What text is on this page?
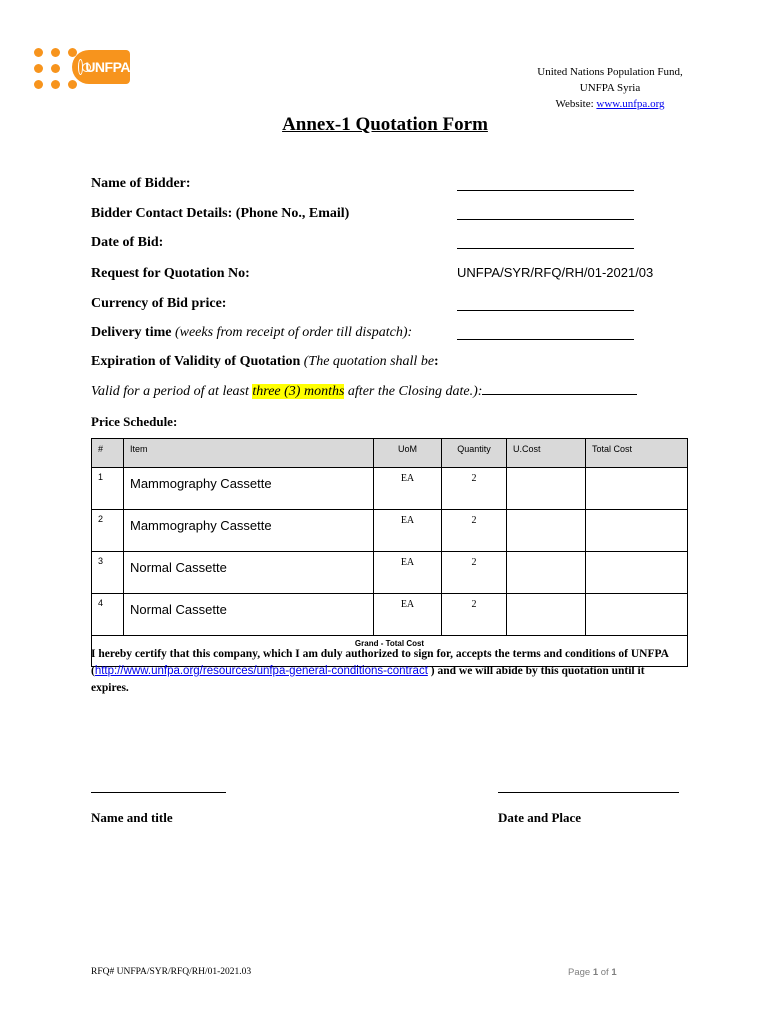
UNFPA	United Nations Population Fund,
UNFPA Syria
Website: www.unfpa.org
Annex-1 Quotation Form
Name of Bidder:
Bidder Contact Details: (Phone No., Email)
Date of Bid:
Request for Quotation No:	UNFPA/SYR/RFQ/RH/01-2021/03
Currency of Bid price:
Delivery time (weeks from receipt of order till dispatch):
Expiration of Validity of Quotation (The quotation shall be:
Valid for a period of at least three (3) months after the Closing date.):
Price Schedule:
#	Item	UoM	Quantity	U.Cost	Total Cost
1	Mammography Cassette	EA	2		
2	Mammography Cassette	EA	2		
3	Normal Cassette	EA	2		
4	Normal Cassette	EA	2		
Grand - Total Cost					
I hereby certify that this company, which I am duly authorized to sign for, accepts the terms and conditions of UNFPA (http://www.unfpa.org/resources/unfpa-general-conditions-contract ) and we will abide by this quotation until it expires.
Name and title	Date and Place
RFQ# UNFPA/SYR/RFQ/RH/01-2021.03	Page 1 of 1
